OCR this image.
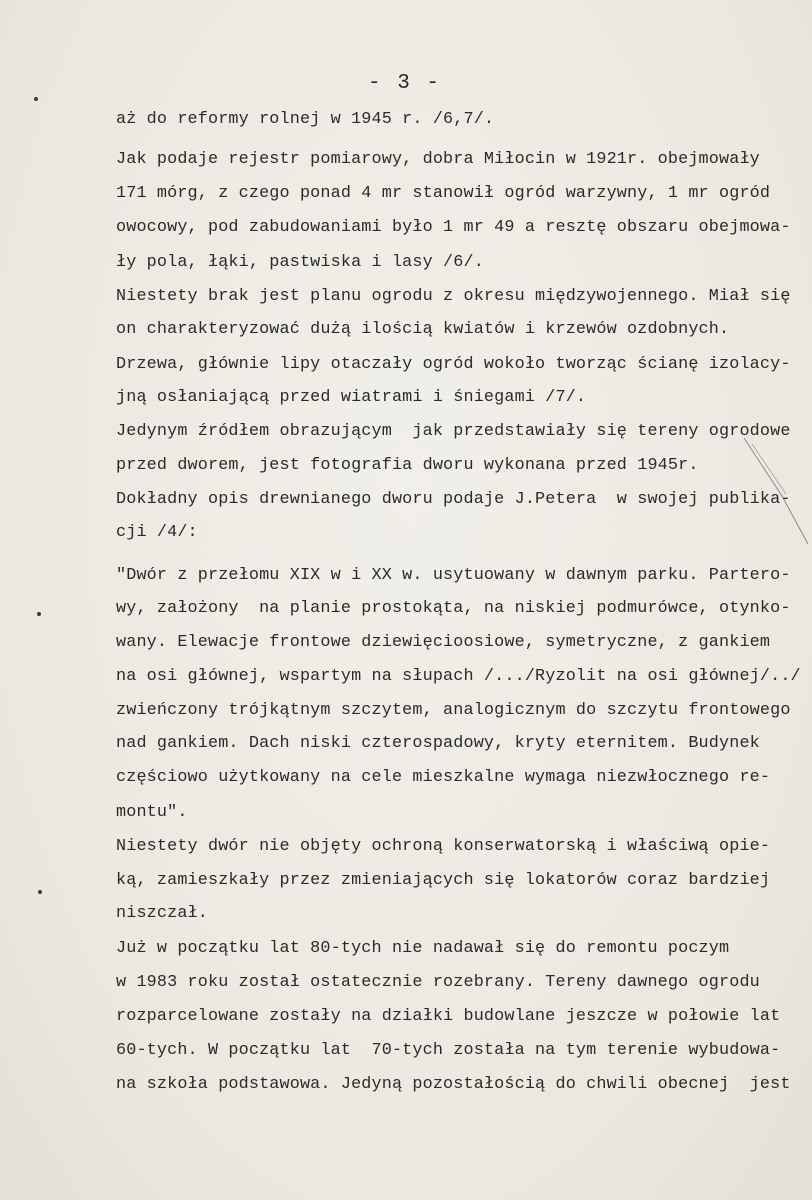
- 3 -
aż do reformy rolnej w 1945 r. /6,7/.
Jak podaje rejestr pomiarowy, dobra Miłocin w 1921r. obejmowały
171 mórg, z czego ponad 4 mr stanowił ogród warzywny, 1 mr ogród
owocowy, pod zabudowaniami było 1 mr 49 a resztę obszaru obejmowa-
ły pola, łąki, pastwiska i lasy /6/.
Niestety brak jest planu ogrodu z okresu międzywojennego. Miał się
on charakteryzować dużą ilością kwiatów i krzewów ozdobnych.
Drzewa, głównie lipy otaczały ogród wokoło tworząc ścianę izolacy-
jną osłaniającą przed wiatrami i śniegami /7/.
Jedynym źródłem obrazującym  jak przedstawiały się tereny ogrodowe
przed dworem, jest fotografia dworu wykonana przed 1945r.
Dokładny opis drewnianego dworu podaje J.Petera  w swojej publika-
cji /4/:
"Dwór z przełomu XIX w i XX w. usytuowany w dawnym parku. Partero-
wy, założony  na planie prostokąta, na niskiej podmurówce, otynko-
wany. Elewacje frontowe dziewięcioosiowe, symetryczne, z gankiem
na osi głównej, wspartym na słupach /.../Ryzolit na osi głównej/../
zwieńczony trójkątnym szczytem, analogicznym do szczytu frontowego
nad gankiem. Dach niski czterospadowy, kryty eternitem. Budynek
częściowo użytkowany na cele mieszkalne wymaga niezwłocznego re-
montu".
Niestety dwór nie objęty ochroną konserwatorską i właściwą opie-
ką, zamieszkały przez zmieniających się lokatorów coraz bardziej
niszczał.
Już w początku lat 80-tych nie nadawał się do remontu poczym
w 1983 roku został ostatecznie rozebrany. Tereny dawnego ogrodu
rozparcelowane zostały na działki budowlane jeszcze w połowie lat
60-tych. W początku lat  70-tych została na tym terenie wybudowa-
na szkoła podstawowa. Jedyną pozostałością do chwili obecnej  jest
